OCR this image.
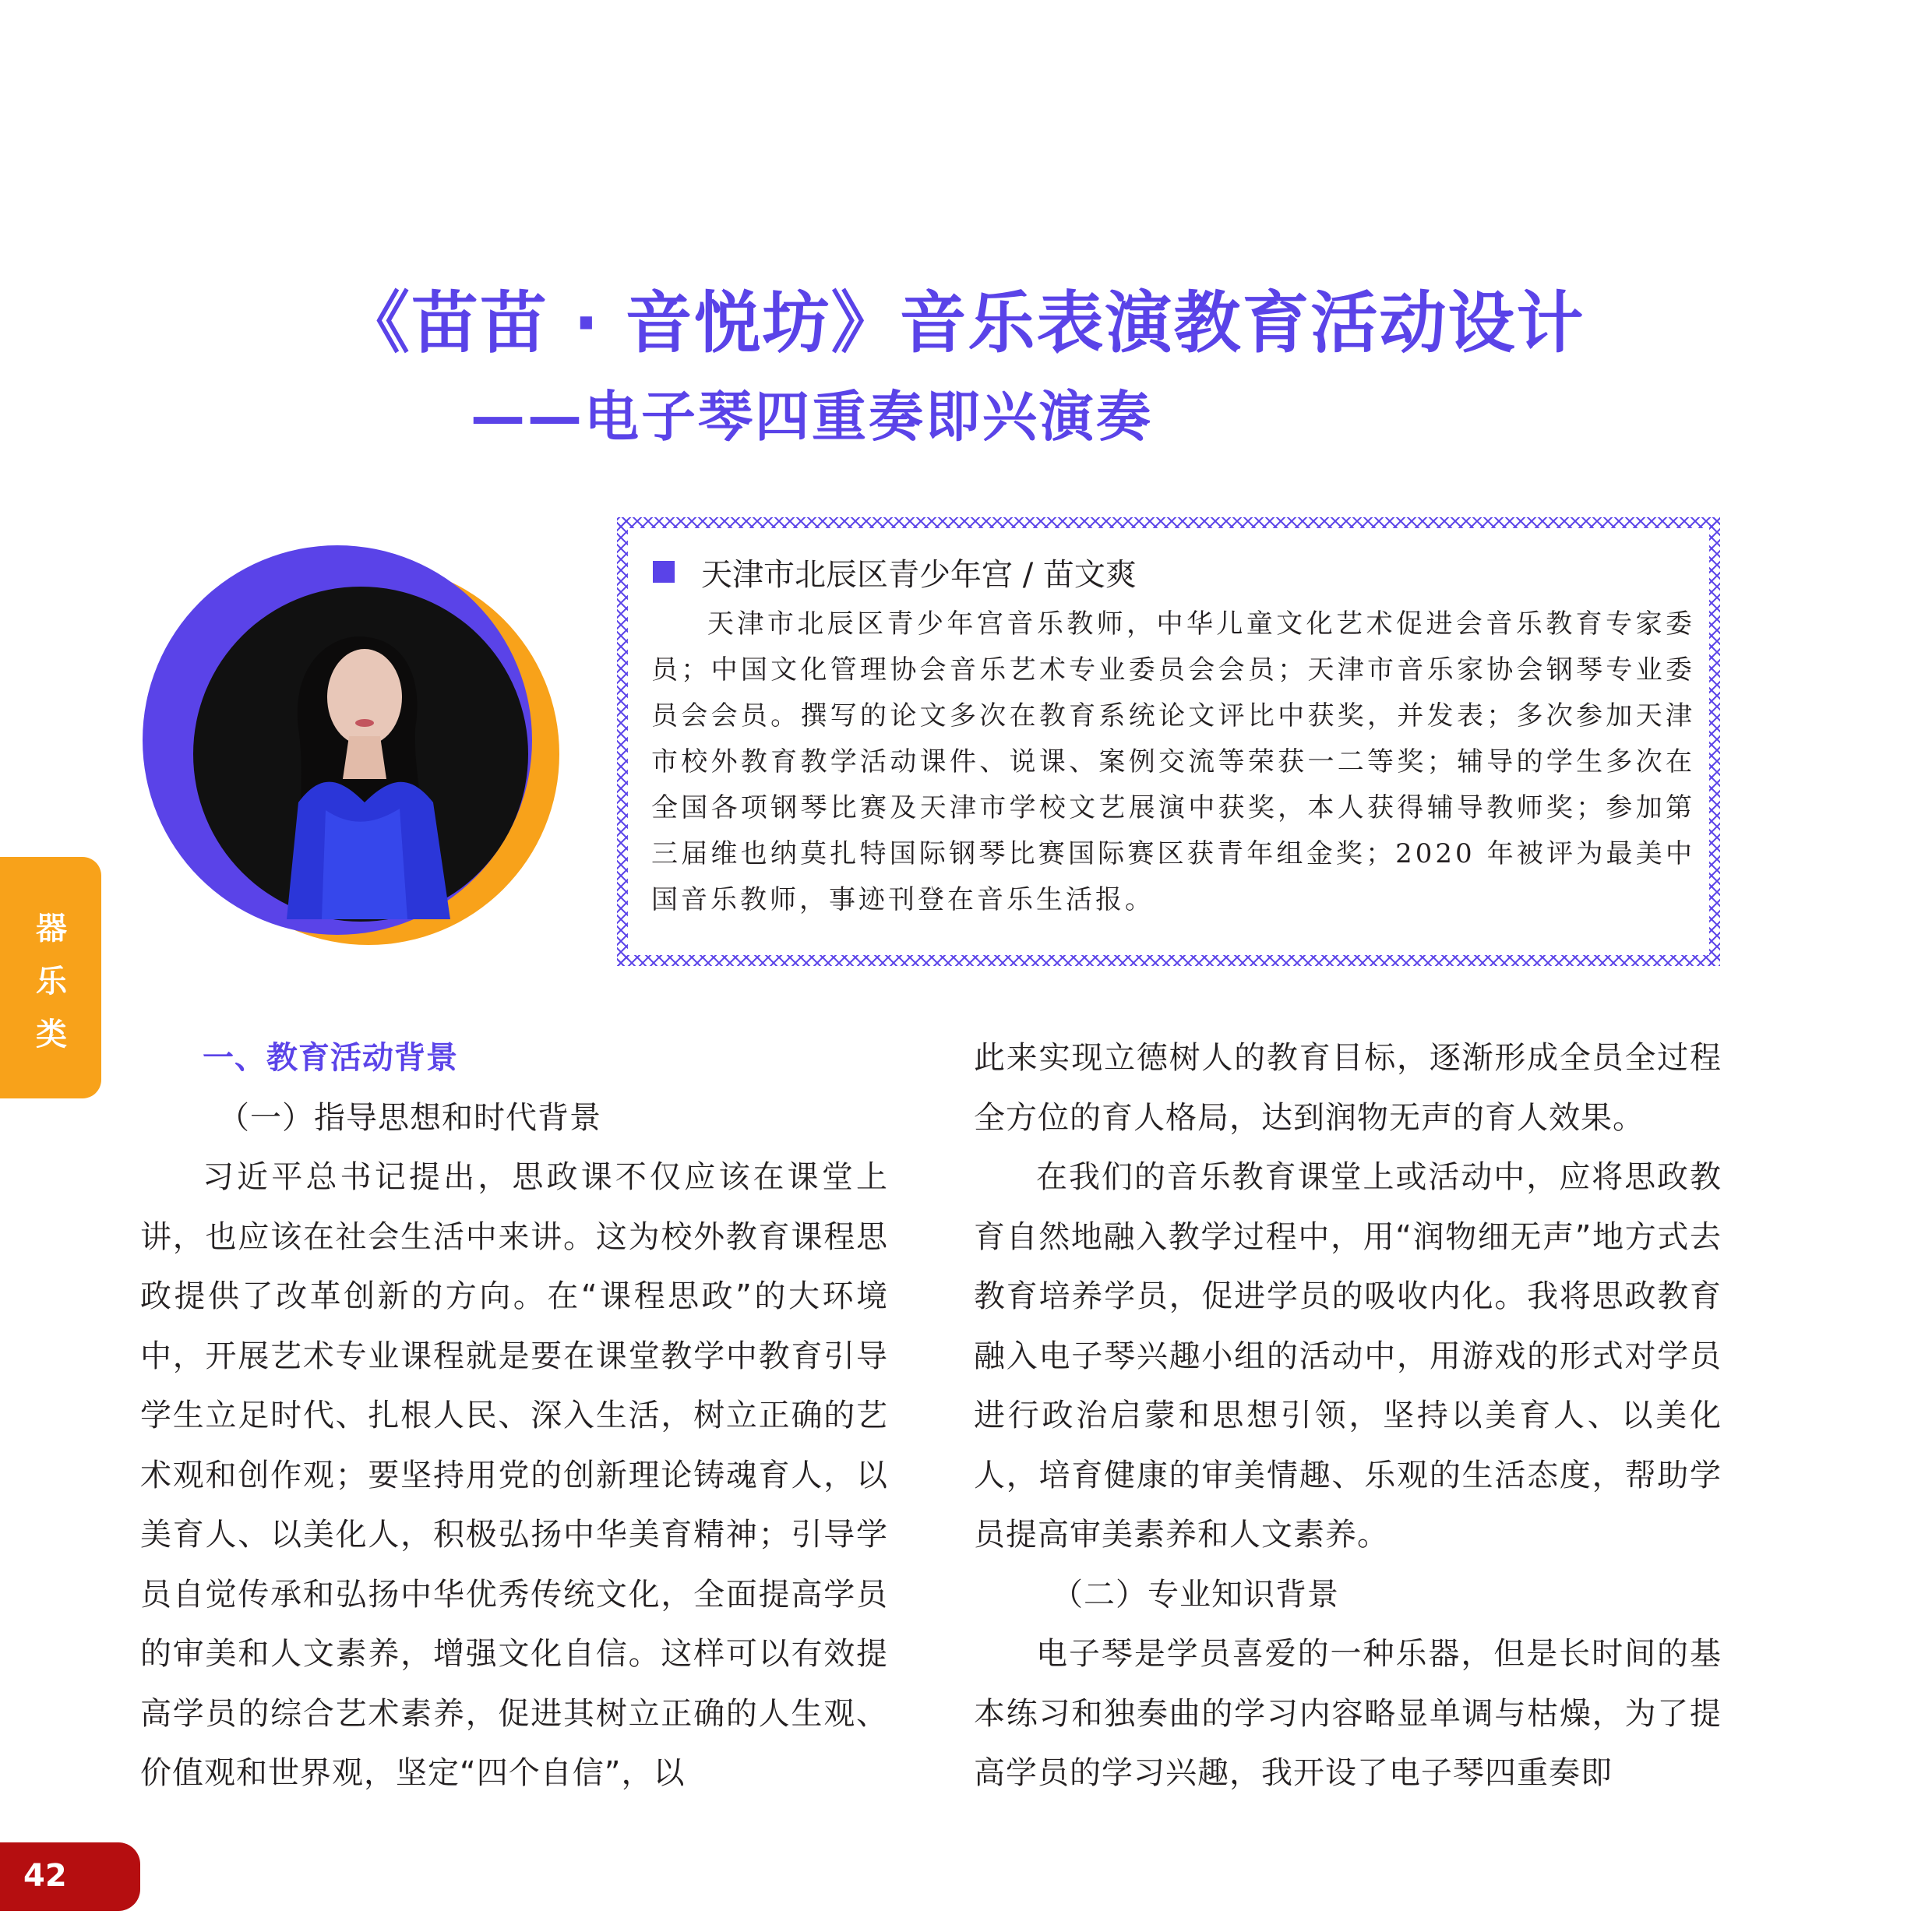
《苗苗 · 音悦坊》音乐表演教育活动设计
——电子琴四重奏即兴演奏
天津市北辰区青少年宫 / 苗文爽
天津市北辰区青少年宫音乐教师，中华儿童文化艺术促进会音乐教育专家委员；中国文化管理协会音乐艺术专业委员会会员；天津市音乐家协会钢琴专业委员会会员。撰写的论文多次在教育系统论文评比中获奖，并发表；多次参加天津市校外教育教学活动课件、说课、案例交流等荣获一二等奖；辅导的学生多次在全国各项钢琴比赛及天津市学校文艺展演中获奖，本人获得辅导教师奖；参加第三届维也纳莫扎特国际钢琴比赛国际赛区获青年组金奖；2020 年被评为最美中国音乐教师，事迹刊登在音乐生活报。
器
乐
类

一、教育活动背景

（一）指导思想和时代背景

习近平总书记提出，思政课不仅应该在课堂上讲，也应该在社会生活中来讲。这为校外教育课程思政提供了改革创新的方向。在“课程思政”的大环境中，开展艺术专业课程就是要在课堂教学中教育引导学生立足时代、扎根人民、深入生活，树立正确的艺术观和创作观；要坚持用党的创新理论铸魂育人，以美育人、以美化人，积极弘扬中华美育精神；引导学员自觉传承和弘扬中华优秀传统文化，全面提高学员的审美和人文素养，增强文化自信。这样可以有效提高学员的综合艺术素养，促进其树立正确的人生观、价值观和世界观，坚定“四个自信”，以

此来实现立德树人的教育目标，逐渐形成全员全过程全方位的育人格局，达到润物无声的育人效果。

在我们的音乐教育课堂上或活动中，应将思政教育自然地融入教学过程中，用“润物细无声”地方式去教育培养学员，促进学员的吸收内化。我将思政教育融入电子琴兴趣小组的活动中，用游戏的形式对学员进行政治启蒙和思想引领，坚持以美育人、以美化人，培育健康的审美情趣、乐观的生活态度，帮助学员提高审美素养和人文素养。

（二）专业知识背景

电子琴是学员喜爱的一种乐器，但是长时间的基本练习和独奏曲的学习内容略显单调与枯燥，为了提高学员的学习兴趣，我开设了电子琴四重奏即

42
